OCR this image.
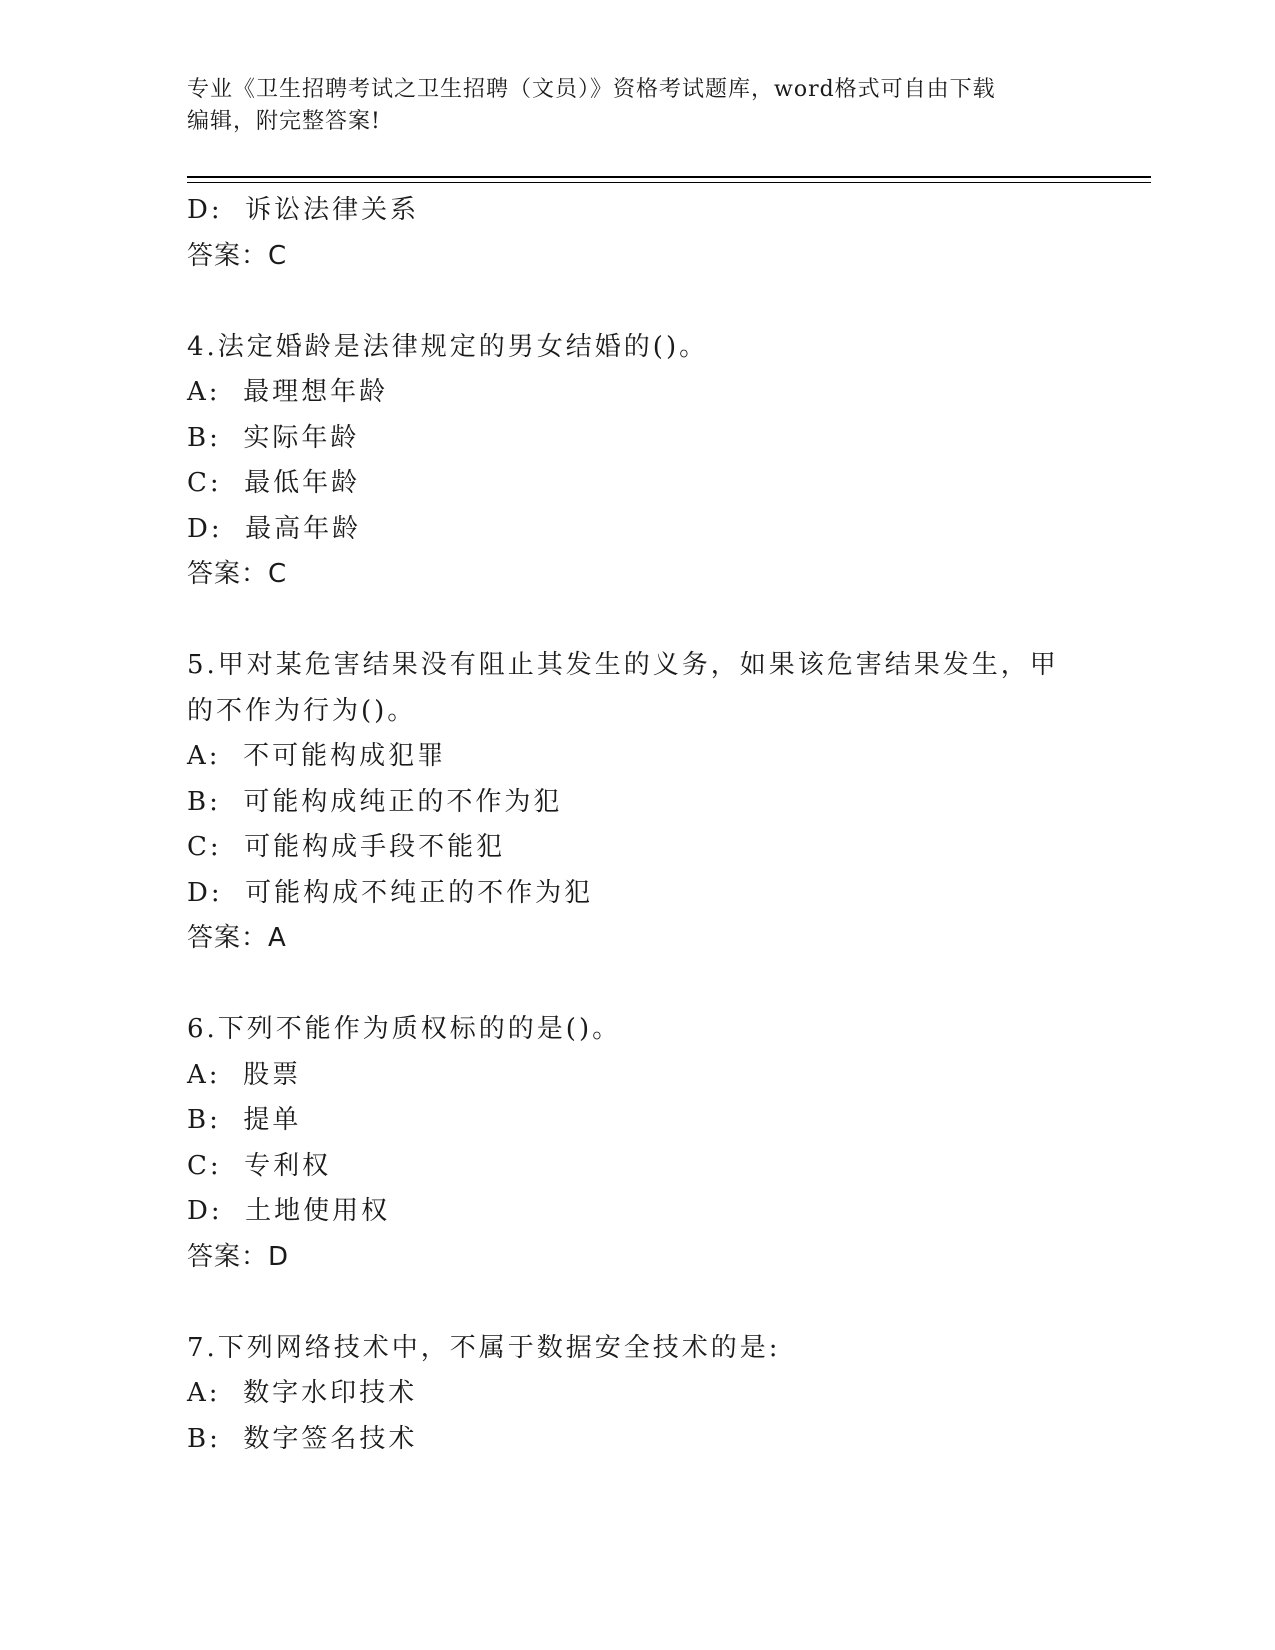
专业《卫生招聘考试之卫生招聘（文员）》资格考试题库，word格式可自由下载
编辑，附完整答案!
D:  诉讼法律关系
答案：C
4.法定婚龄是法律规定的男女结婚的()。
A:  最理想年龄
B:  实际年龄
C:  最低年龄
D:  最高年龄
答案：C
5.甲对某危害结果没有阻止其发生的义务，如果该危害结果发生，甲
的不作为行为()。
A:  不可能构成犯罪
B:  可能构成纯正的不作为犯
C:  可能构成手段不能犯
D:  可能构成不纯正的不作为犯
答案：A
6.下列不能作为质权标的的是()。
A:  股票
B:  提单
C:  专利权
D:  土地使用权
答案：D
7.下列网络技术中，不属于数据安全技术的是:
A:  数字水印技术
B:  数字签名技术
